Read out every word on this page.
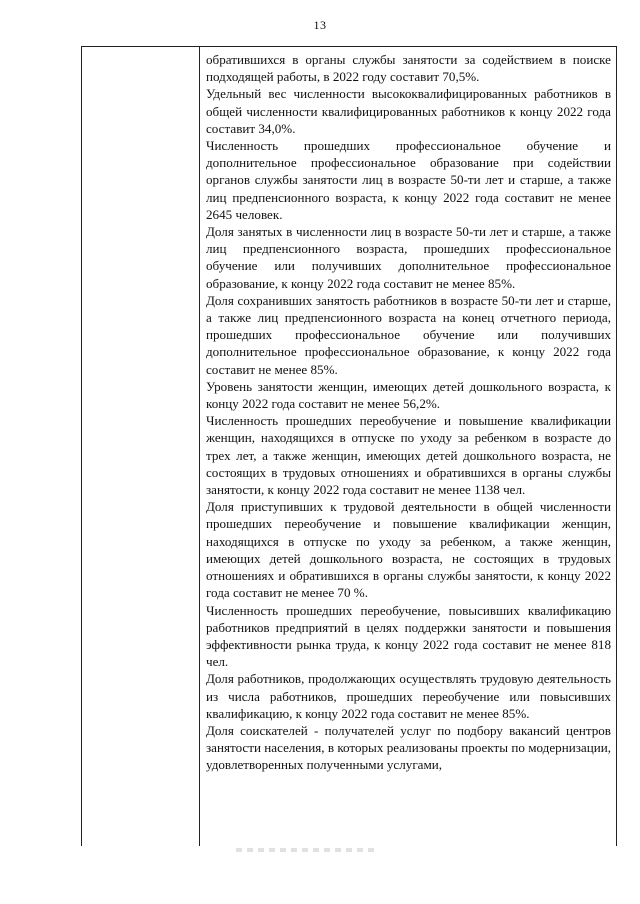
13

обратившихся в органы службы занятости за содействием в поиске подходящей работы, в 2022 году составит 70,5%.

Удельный вес численности высококвалифицированных работников в общей численности квалифицированных работников к концу 2022 года составит 34,0%.

Численность прошедших профессиональное обучение и дополнительное профессиональное образование при содействии органов службы занятости лиц в возрасте 50-ти лет и старше, а также лиц предпенсионного возраста, к концу 2022 года составит не менее 2645 человек.

Доля занятых в численности лиц в возрасте 50-ти лет и старше, а также лиц предпенсионного возраста, прошедших профессиональное обучение или получивших дополнительное профессиональное образование, к концу 2022 года составит не менее 85%.

Доля сохранивших занятость работников в возрасте 50-ти лет и старше, а также лиц предпенсионного возраста на конец отчетного периода, прошедших профессиональное обучение или получивших дополнительное профессиональное образование, к концу 2022 года составит не менее 85%.

Уровень занятости женщин, имеющих детей дошкольного возраста, к концу 2022 года составит не менее 56,2%.

Численность прошедших переобучение и повышение квалификации женщин, находящихся в отпуске по уходу за ребенком в возрасте до трех лет, а также женщин, имеющих детей дошкольного возраста, не состоящих в трудовых отношениях и обратившихся в органы службы занятости, к концу 2022 года составит не менее 1138 чел.

Доля приступивших к трудовой деятельности в общей численности прошедших переобучение и повышение квалификации женщин, находящихся в отпуске по уходу за ребенком, а также женщин, имеющих детей дошкольного возраста, не состоящих в трудовых отношениях и обратившихся в органы службы занятости, к концу 2022 года составит не менее 70 %.

Численность прошедших переобучение, повысивших квалификацию работников предприятий в целях поддержки занятости и повышения эффективности рынка труда, к концу 2022 года составит не менее 818 чел.

Доля работников, продолжающих осуществлять трудовую деятельность из числа работников, прошедших переобучение или повысивших квалификацию, к концу 2022 года составит не менее 85%.

Доля соискателей - получателей услуг по подбору вакансий центров занятости населения, в которых реализованы проекты по модернизации, удовлетворенных полученными услугами,
